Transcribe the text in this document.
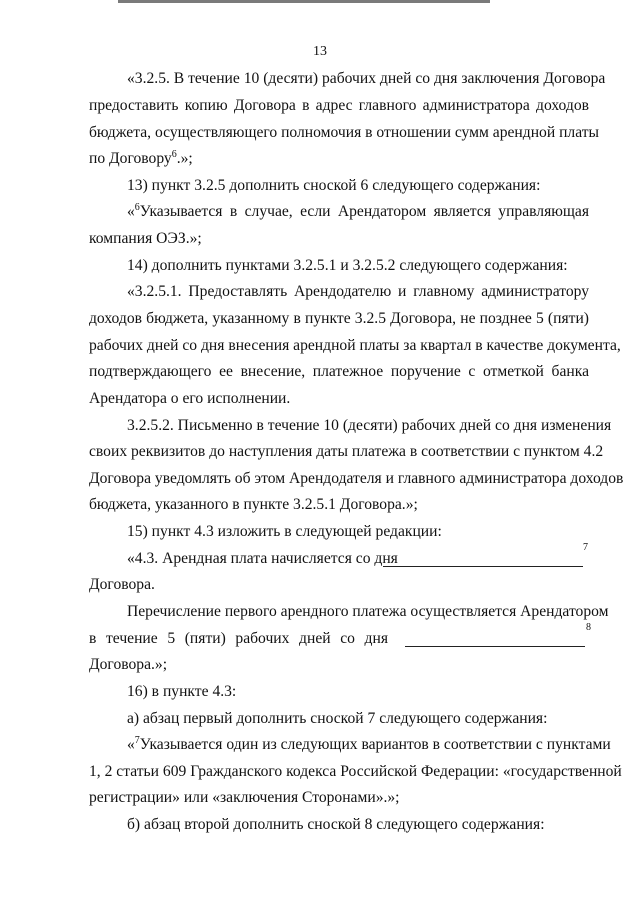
13
«3.2.5. В течение 10 (десяти) рабочих дней со дня заключения Договора
предоставить копию Договора в адрес главного администратора доходов
бюджета, осуществляющего полномочия в отношении сумм арендной платы
по Договору$^6$.»;
13) пункт 3.2.5 дополнить сноской 6 следующего содержания:
«$^6$Указывается в случае, если Арендатором является управляющая
компания ОЭЗ.»;
14) дополнить пунктами 3.2.5.1 и 3.2.5.2 следующего содержания:
«3.2.5.1. Предоставлять Арендодателю и главному администратору
доходов бюджета, указанному в пункте 3.2.5 Договора, не позднее 5 (пяти)
рабочих дней со дня внесения арендной платы за квартал в качестве документа,
подтверждающего ее внесение, платежное поручение с отметкой банка
Арендатора о его исполнении.
3.2.5.2. Письменно в течение 10 (десяти) рабочих дней со дня изменения
своих реквизитов до наступления даты платежа в соответствии с пунктом 4.2
Договора уведомлять об этом Арендодателя и главного администратора доходов
бюджета, указанного в пункте 3.2.5.1 Договора.»;
15) пункт 4.3 изложить в следующей редакции:
«4.3. Арендная плата начисляется со дня
7
Договора.
Перечисление первого арендного платежа осуществляется Арендатором
в течение 5 (пяти) рабочих дней со дня
8
Договора.»;
16) в пункте 4.3:
а) абзац первый дополнить сноской 7 следующего содержания:
«$^7$Указывается один из следующих вариантов в соответствии с пунктами
1, 2 статьи 609 Гражданского кодекса Российской Федерации: «государственной
регистрации» или «заключения Сторонами».»;
б) абзац второй дополнить сноской 8 следующего содержания:
